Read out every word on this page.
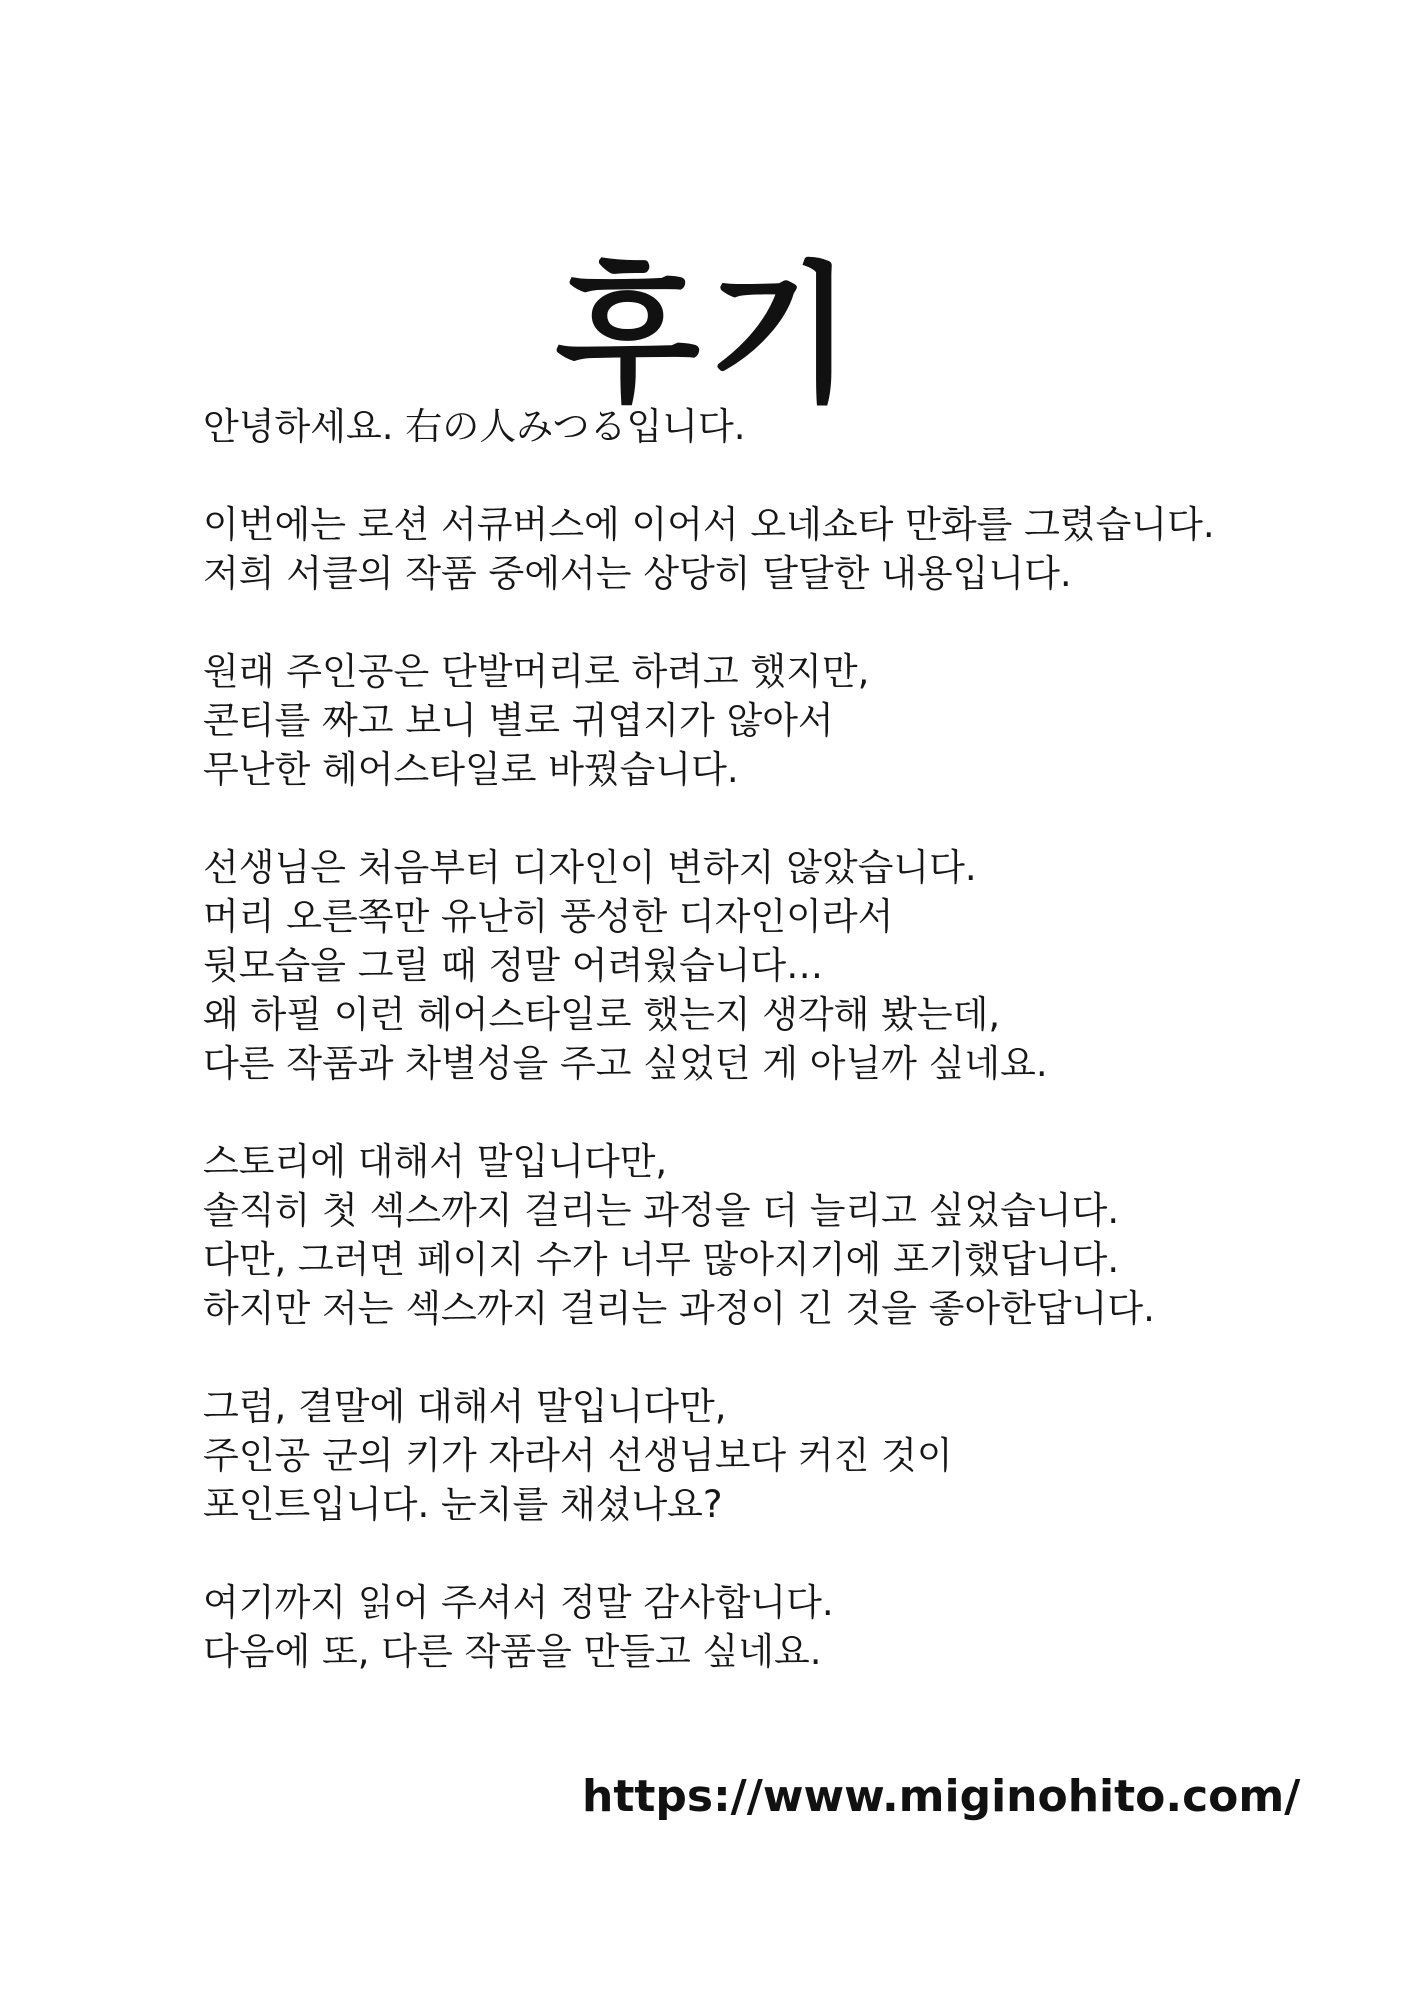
후기

안녕하세요. 右の人みつる입니다.

이번에는 로션 서큐버스에 이어서 오네쇼타 만화를 그렸습니다.
저희 서클의 작품 중에서는 상당히 달달한 내용입니다.

원래 주인공은 단발머리로 하려고 했지만,
콘티를 짜고 보니 별로 귀엽지가 않아서
무난한 헤어스타일로 바꿨습니다.

선생님은 처음부터 디자인이 변하지 않았습니다.
머리 오른쪽만 유난히 풍성한 디자인이라서
뒷모습을 그릴 때 정말 어려웠습니다…
왜 하필 이런 헤어스타일로 했는지 생각해 봤는데,
다른 작품과 차별성을 주고 싶었던 게 아닐까 싶네요.

스토리에 대해서 말입니다만,
솔직히 첫 섹스까지 걸리는 과정을 더 늘리고 싶었습니다.
다만, 그러면 페이지 수가 너무 많아지기에 포기했답니다.
하지만 저는 섹스까지 걸리는 과정이 긴 것을 좋아한답니다.

그럼, 결말에 대해서 말입니다만,
주인공 군의 키가 자라서 선생님보다 커진 것이
포인트입니다. 눈치를 채셨나요?

여기까지 읽어 주셔서 정말 감사합니다.
다음에 또, 다른 작품을 만들고 싶네요.

https://www.miginohito.com/
